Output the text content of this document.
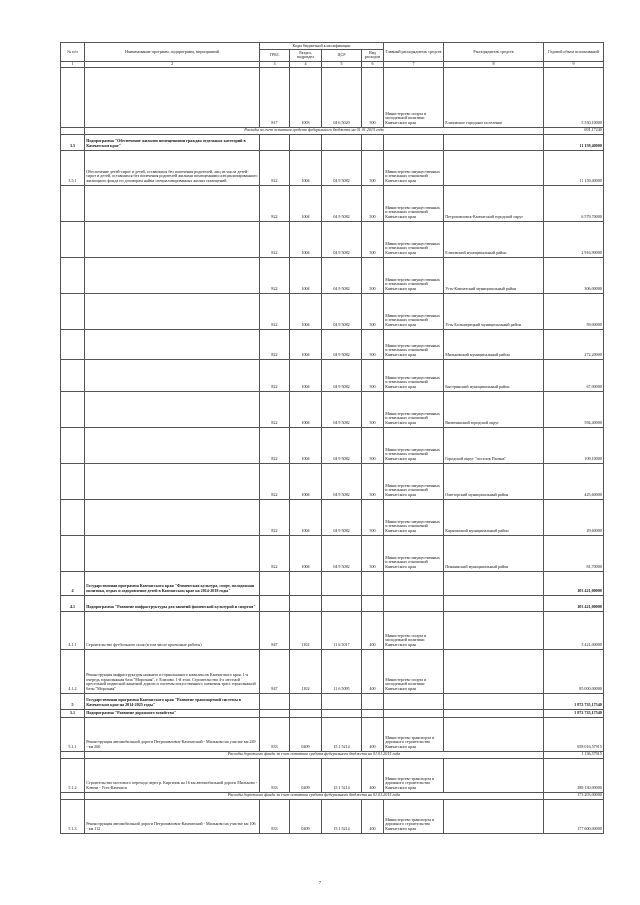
№ п/п	Наименование программ, подпрограмм, мероприятий	Коды бюджетной классификации				Главный распорядитель средств	Распорядитель средств	Годовой объем ассигнований
		ГРБС	Раздел, подраздел	ЦСР	Вид расходов			
1	2	3	4	5	6	7	8	9
		817	1003	04 6 5020	500	Министерство спорта и молодежной политики Камчатского края	Елизовское городское поселение	5 530,10000
	Расходы за счет остатков средств федерального бюджета на 01.01.2015 года							691,17240
3.5	Подпрограмма "Обеспечение жилыми помещениями граждан отдельных категорий в Камчатском крае"							11 159,40000
3.5.1	Обеспечение детей-сирот и детей, оставшихся без попечения родителей, лиц из числа детей-сирот и детей, оставшихся без попечения родителей жилыми помещениями специализированного жилищного фонда по договорам найма специализированных жилых помещений	822	1004	04 9 5082	500	Министерство имущественных и земельных отношений Камчатского края		11 159,40000
		822	1004	04 9 5082	500	Министерство имущественных и земельных отношений Камчатского края	Петропавловск-Камчатский городской округ	6 579,70000
		822	1004	04 9 5082	500	Министерство имущественных и земельных отношений Камчатского края	Елизовский муниципальный район	2 916,90000
		822	1004	04 9 5082	500	Министерство имущественных и земельных отношений Камчатского края	Усть-Камчатский муниципальный район	306,00000
		822	1004	04 9 5082	500	Министерство имущественных и земельных отношений Камчатского края	Усть-Большерецкий муниципальный район	59,00000
		822	1004	04 9 5082	500	Министерство имущественных и земельных отношений Камчатского края	Мильковский муниципальный район	272,20000
		822	1004	04 9 5082	500	Министерство имущественных и земельных отношений Камчатского края	Быстринский муниципальный район	67,00000
		822	1004	04 9 5082	500	Министерство имущественных и земельных отношений Камчатского края	Вилючинский городской округ	594,40000
		822	1004	04 9 5082	500	Министерство имущественных и земельных отношений Камчатского края	Городской округ "поселок Палана"	109,10000
		822	1004	04 9 5082	500	Министерство имущественных и земельных отношений Камчатского края	Олюторский муниципальный район	425,60000
		822	1004	04 9 5082	500	Министерство имущественных и земельных отношений Камчатского края	Карагинский муниципальный район	29,60000
		822	1004	04 9 5082	500	Министерство имущественных и земельных отношений Камчатского края	Пенжинский муниципальный район	81,70000
4	Государственная программа Камчатского края "Физическая культура, спорт, молодежная политика, отдых и оздоровление детей в Камчатском крае на 2014-2018 годы"							103 421,00000
4.1	Подпрограмма "Развитие инфраструктуры для занятий физической культурой и спортом"							103 421,00000
4.1.1	Строительство футбольного поля (в том числе проектные работы)	847	1102	11 6 5017	400	Министерство спорта и молодежной политики Камчатского края		3 421,00000
4.1.2	Реконструкция инфраструктуры нижнего и горнолыжного комплексов Камчатского края. 1-я очередь горнолыжная база "Морозная", г. Елизово. 1-й этап. Строительство 4-х местной кресельной подвесной канатной дороги и системы искусственного снежения трасс горнолыжной базы "Морозная"	847	1102	11 6 5095	400	Министерство спорта и молодежной политики Камчатского края		85 000,00000
5	Государственная программа Камчатского края "Развитие транспортной системы в Камчатском крае на 2014-2025 годы"							1 872 735,17540
5.1	Подпрограмма "Развитие дорожного хозяйства"							1 872 735,17540
5.1.1	Реконструкция автомобильной дороги Петропавловск-Камчатский - Мильково на участке км 249 - км 260	833	0409	15 1 5214	400	Министерство транспорта и дорожного строительства Камчатского края		658 016,57915
	Расходы дорожного фонда за счет остатков средств федерального бюджета на 01.01.2015 года							1 136,57915
5.1.2	Строительство мостового перехода через р. Киргизик на 16 км автомобильной дороги Мильково - Ключи - Усть-Камчатск	833	0409	15 1 5214	400	Министерство транспорта и дорожного строительства Камчатского края		288 130,00000
	Расходы дорожного фонда за счет остатков средств федерального бюджета на 01.01.2015 года							173 203,00000
5.1.3	Реконструкция автомобильной дороги Петропавловск-Камчатский - Мильково на участке км 106 - км 112	833	0409	15 1 5214	400	Министерство транспорта и дорожного строительства Камчатского края		177 600,00000
7
